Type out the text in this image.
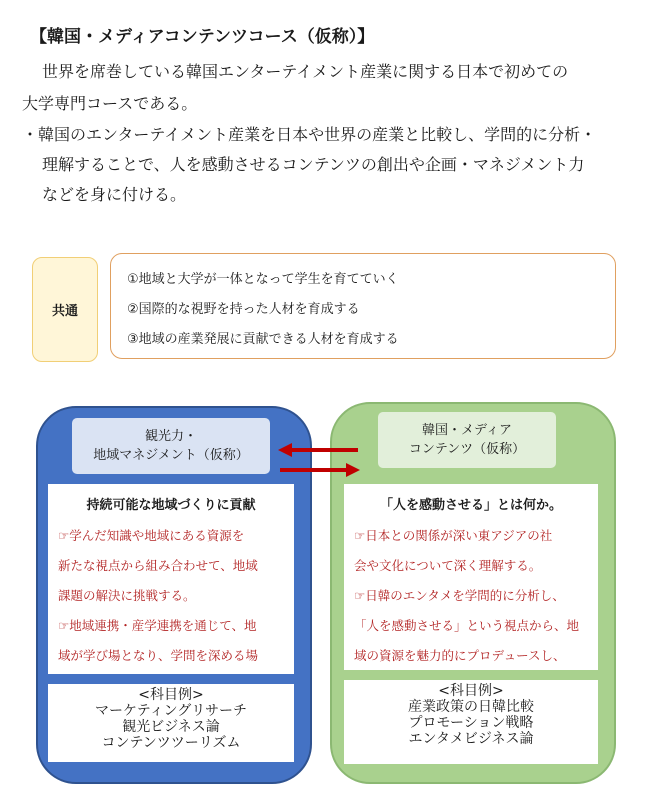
【韓国・メディアコンテンツコース（仮称）】
世界を席巻している韓国エンターテイメント産業に関する日本で初めての
大学専門コースである。
・韓国のエンターテイメント産業を日本や世界の産業と比較し、学問的に分析・
理解することで、人を感動させるコンテンツの創出や企画・マネジメント力
などを身に付ける。
共通
①地域と大学が一体となって学生を育てていく
②国際的な視野を持った人材を育成する
③地域の産業発展に貢献できる人材を育成する
観光力・
地域マネジメント（仮称）
持続可能な地域づくりに貢献
☞学んだ知識や地域にある資源を
新たな視点から組み合わせて、地域
課題の解決に挑戦する。
☞地域連携・産学連携を通じて、地
域が学び場となり、学問を深める場
<科目例>
マーケティングリサーチ
観光ビジネス論
コンテンツツーリズム
韓国・メディア
コンテンツ（仮称）
「人を感動させる」とは何か。
☞日本との関係が深い東アジアの社
会や文化について深く理解する。
☞日韓のエンタメを学問的に分析し、
「人を感動させる」という視点から、地
域の資源を魅力的にプロデュースし、
<科目例>
産業政策の日韓比較
プロモーション戦略
エンタメビジネス論
